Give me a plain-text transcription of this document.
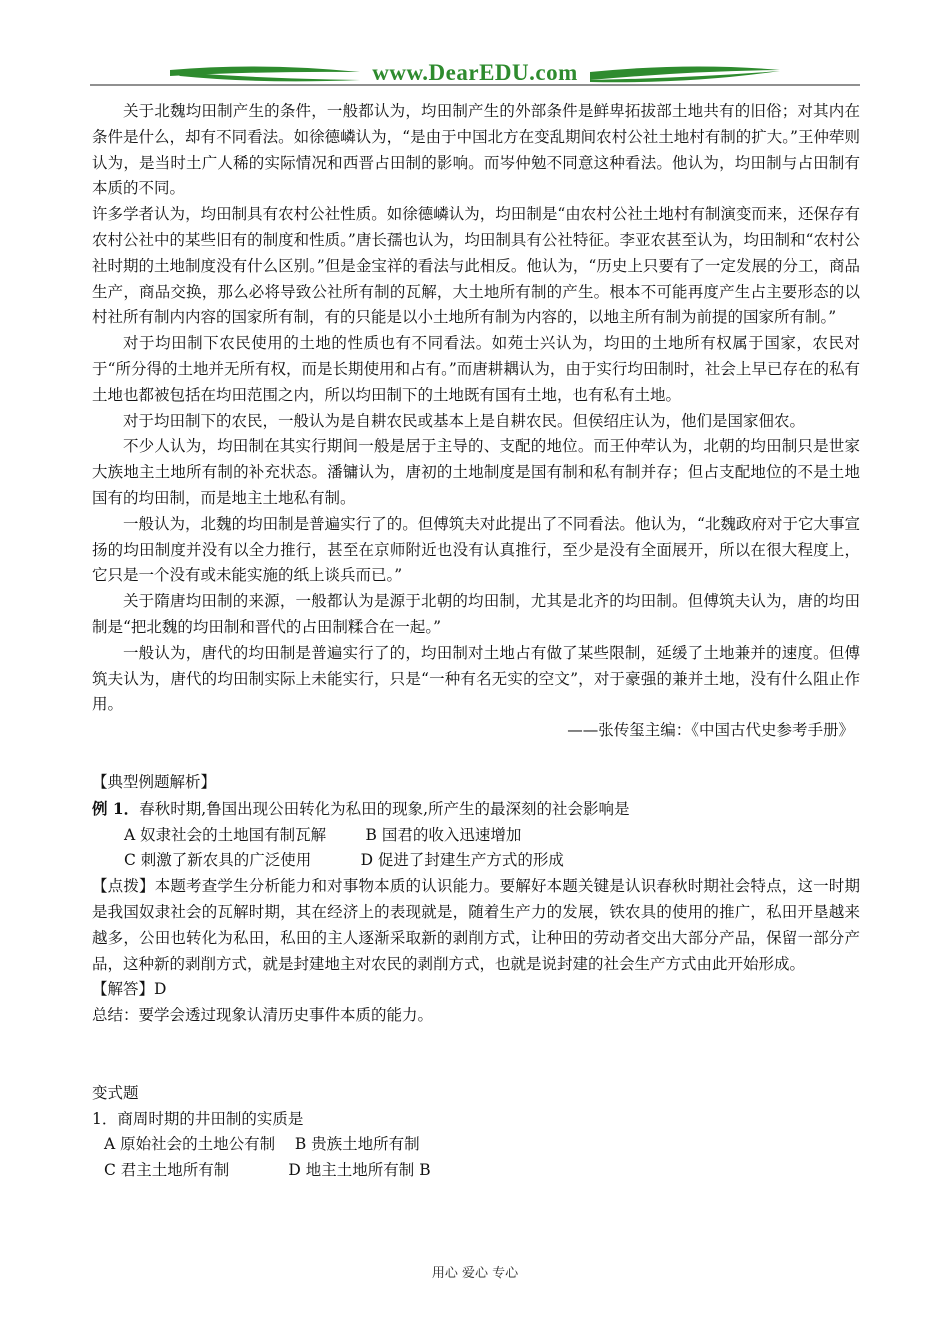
www.DearEDU.com

关于北魏均田制产生的条件，一般都认为，均田制产生的外部条件是鲜卑拓拔部土地共有的旧俗；对其内在条件是什么，却有不同看法。如徐德嶙认为，“是由于中国北方在变乱期间农村公社土地村有制的扩大。”王仲荦则认为，是当时土广人稀的实际情况和西晋占田制的影响。而岑仲勉不同意这种看法。他认为，均田制与占田制有本质的不同。

许多学者认为，均田制具有农村公社性质。如徐德嶙认为，均田制是“由农村公社土地村有制演变而来，还保存有农村公社中的某些旧有的制度和性质。”唐长孺也认为，均田制具有公社特征。李亚农甚至认为，均田制和“农村公社时期的土地制度没有什么区别。”但是金宝祥的看法与此相反。他认为，“历史上只要有了一定发展的分工，商品生产，商品交换，那么必将导致公社所有制的瓦解，大土地所有制的产生。根本不可能再度产生占主要形态的以村社所有制内内容的国家所有制，有的只能是以小土地所有制为内容的，以地主所有制为前提的国家所有制。”

对于均田制下农民使用的土地的性质也有不同看法。如苑士兴认为，均田的土地所有权属于国家，农民对于“所分得的土地并无所有权，而是长期使用和占有。”而唐耕耦认为，由于实行均田制时，社会上早已存在的私有土地也都被包括在均田范围之内，所以均田制下的土地既有国有土地，也有私有土地。

对于均田制下的农民，一般认为是自耕农民或基本上是自耕农民。但侯绍庄认为，他们是国家佃农。

不少人认为，均田制在其实行期间一般是居于主导的、支配的地位。而王仲荦认为，北朝的均田制只是世家大族地主土地所有制的补充状态。潘镛认为，唐初的土地制度是国有制和私有制并存；但占支配地位的不是土地国有的均田制，而是地主土地私有制。

一般认为，北魏的均田制是普遍实行了的。但傅筑夫对此提出了不同看法。他认为，“北魏政府对于它大事宣扬的均田制度并没有以全力推行，甚至在京师附近也没有认真推行，至少是没有全面展开，所以在很大程度上，它只是一个没有或未能实施的纸上谈兵而已。”

关于隋唐均田制的来源，一般都认为是源于北朝的均田制，尤其是北齐的均田制。但傅筑夫认为，唐的均田制是“把北魏的均田制和晋代的占田制糅合在一起。”

一般认为，唐代的均田制是普遍实行了的，均田制对土地占有做了某些限制，延缓了土地兼并的速度。但傅筑夫认为，唐代的均田制实际上未能实行，只是“一种有名无实的空文”，对于豪强的兼并土地，没有什么阻止作用。

——张传玺主编：《中国古代史参考手册》

【典型例题解析】

例 1．春秋时期,鲁国出现公田转化为私田的现象,所产生的最深刻的社会影响是

A 奴隶社会的土地国有制瓦解	B 国君的收入迅速增加

C 刺激了新农具的广泛使用	D 促进了封建生产方式的形成

【点拨】本题考查学生分析能力和对事物本质的认识能力。要解好本题关键是认识春秋时期社会特点，这一时期是我国奴隶社会的瓦解时期，其在经济上的表现就是，随着生产力的发展，铁农具的使用的推广，私田开垦越来越多，公田也转化为私田，私田的主人逐渐采取新的剥削方式，让种田的劳动者交出大部分产品，保留一部分产品，这种新的剥削方式，就是封建地主对农民的剥削方式，也就是说封建的社会生产方式由此开始形成。

【解答】D

总结：要学会透过现象认清历史事件本质的能力。

变式题

1．商周时期的井田制的实质是

A 原始社会的土地公有制 B 贵族土地所有制

C 君主土地所有制	D 地主土地所有制 B

用心 爱心 专心
